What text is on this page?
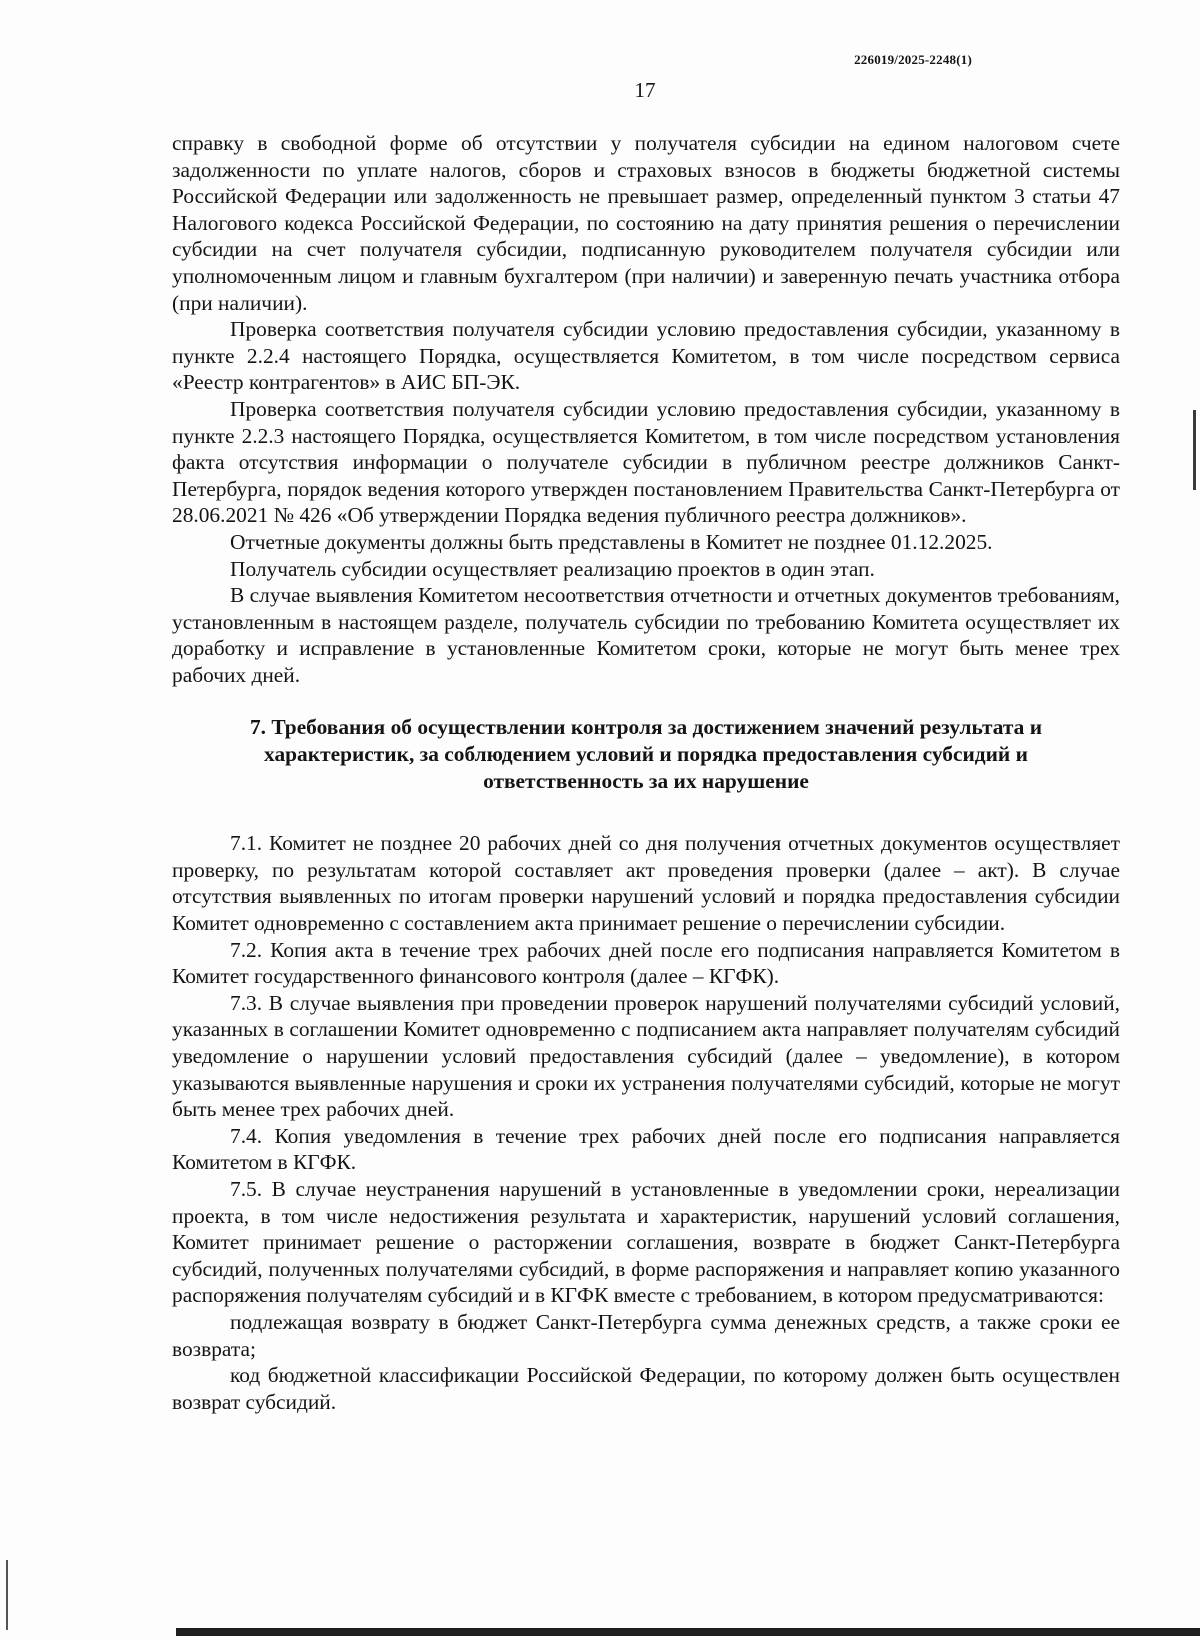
226019/2025-2248(1)
17

справку в свободной форме об отсутствии у получателя субсидии на едином налоговом счете задолженности по уплате налогов, сборов и страховых взносов в бюджеты бюджетной системы Российской Федерации или задолженность не превышает размер, определенный пунктом 3 статьи 47 Налогового кодекса Российской Федерации, по состоянию на дату принятия решения о перечислении субсидии на счет получателя субсидии, подписанную руководителем получателя субсидии или уполномоченным лицом и главным бухгалтером (при наличии) и заверенную печать участника отбора (при наличии).

Проверка соответствия получателя субсидии условию предоставления субсидии, указанному в пункте 2.2.4 настоящего Порядка, осуществляется Комитетом, в том числе посредством сервиса «Реестр контрагентов» в АИС БП-ЭК.

Проверка соответствия получателя субсидии условию предоставления субсидии, указанному в пункте 2.2.3 настоящего Порядка, осуществляется Комитетом, в том числе посредством установления факта отсутствия информации о получателе субсидии в публичном реестре должников Санкт-Петербурга, порядок ведения которого утвержден постановлением Правительства Санкт-Петербурга от 28.06.2021 № 426 «Об утверждении Порядка ведения публичного реестра должников».

Отчетные документы должны быть представлены в Комитет не позднее 01.12.2025.

Получатель субсидии осуществляет реализацию проектов в один этап.

В случае выявления Комитетом несоответствия отчетности и отчетных документов требованиям, установленным в настоящем разделе, получатель субсидии по требованию Комитета осуществляет их доработку и исправление в установленные Комитетом сроки, которые не могут быть менее трех рабочих дней.

7. Требования об осуществлении контроля за достижением значений результата и характеристик, за соблюдением условий и порядка предоставления субсидий и ответственность за их нарушение

7.1. Комитет не позднее 20 рабочих дней со дня получения отчетных документов осуществляет проверку, по результатам которой составляет акт проведения проверки (далее – акт). В случае отсутствия выявленных по итогам проверки нарушений условий и порядка предоставления субсидии Комитет одновременно с составлением акта принимает решение о перечислении субсидии.

7.2. Копия акта в течение трех рабочих дней после его подписания направляется Комитетом в Комитет государственного финансового контроля (далее – КГФК).

7.3. В случае выявления при проведении проверок нарушений получателями субсидий условий, указанных в соглашении Комитет одновременно с подписанием акта направляет получателям субсидий уведомление о нарушении условий предоставления субсидий (далее – уведомление), в котором указываются выявленные нарушения и сроки их устранения получателями субсидий, которые не могут быть менее трех рабочих дней.

7.4. Копия уведомления в течение трех рабочих дней после его подписания направляется Комитетом в КГФК.

7.5. В случае неустранения нарушений в установленные в уведомлении сроки, нереализации проекта, в том числе недостижения результата и характеристик, нарушений условий соглашения, Комитет принимает решение о расторжении соглашения, возврате в бюджет Санкт-Петербурга субсидий, полученных получателями субсидий, в форме распоряжения и направляет копию указанного распоряжения получателям субсидий и в КГФК вместе с требованием, в котором предусматриваются:

подлежащая возврату в бюджет Санкт-Петербурга сумма денежных средств, а также сроки ее возврата;

код бюджетной классификации Российской Федерации, по которому должен быть осуществлен возврат субсидий.
